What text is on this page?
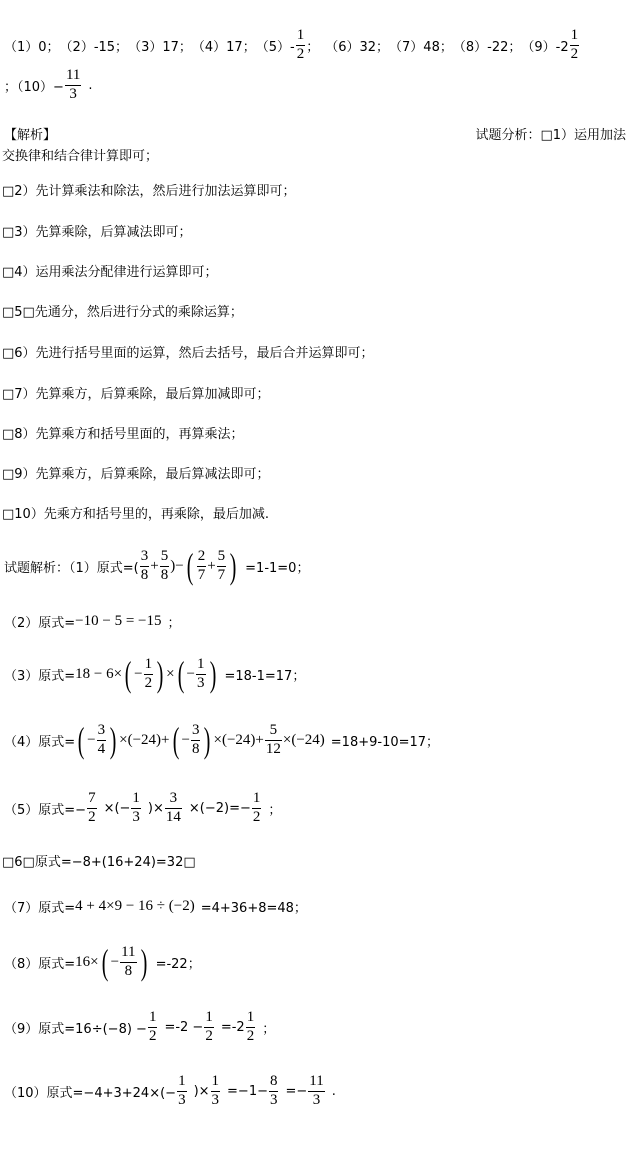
（1）0； （2）-15； （3）17； （4）17； $(5)- \frac{1}{2}$ ； （6）32； （7）48； （8）-22； $(9)-2 \frac{1}{2}$
；$(10)- \frac{11}{3}$ .
【解析】	试题分析：□1）运用加法
交换律和结合律计算即可；
□2）先计算乘法和除法，然后进行加法运算即可；
□3）先算乘除，后算减法即可；
□4）运用乘法分配律进行运算即可；
□5□先通分，然后进行分式的乘除运算；
□6）先进行括号里面的运算，然后去括号，最后合并运算即可；
□7）先算乘方，后算乘除，最后算加减即可；
□8）先算乘方和括号里面的，再算乘法；
□9）先算乘方，后算乘除，最后算减法即可；
□10）先乘方和括号里的，再乘除，最后加减.
试题解析：（1）原式=( $\frac{3}{8} + \frac{5}{8}$ )− ( $\frac{2}{7} + \frac{5}{7}$ ) =1-1=0；
（2）原式= −10 − 5 = −15 ；
（3）原式= 18 − 6× ( − $\frac{1}{2}$ ) × ( − $\frac{1}{3}$ ) =18-1=17；
（4）原式= ( − $\frac{3}{4}$ ) ×(−24)+ ( − $\frac{3}{8}$ ) $\times(-24)+ \frac{5}{12} \times(-24) =18+9-10=17$；
（5）原式=− $\frac{7}{2}$ ×(− $\frac{1}{3}$ )× $\frac{3}{14} \times(-2)=- \frac{1}{2}$ ；
□6□原式=−8+(16+24)=32□
（7）原式= 4 + 4×9 − 16 ÷ (−2) =4+36+8=48；
（8）原式= 16× ( − $\frac{11}{8}$ ) =-22；
（9）原式$=16\div(-8) - \frac{1}{2} =-2 - \frac{1}{2} =-2 \frac{1}{2}$ ；
（10）原式$=-4+3+24\times(- \frac{1}{3}$ )× $\frac{1}{3} =-1- \frac{8}{3} =- \frac{11}{3}$ .
